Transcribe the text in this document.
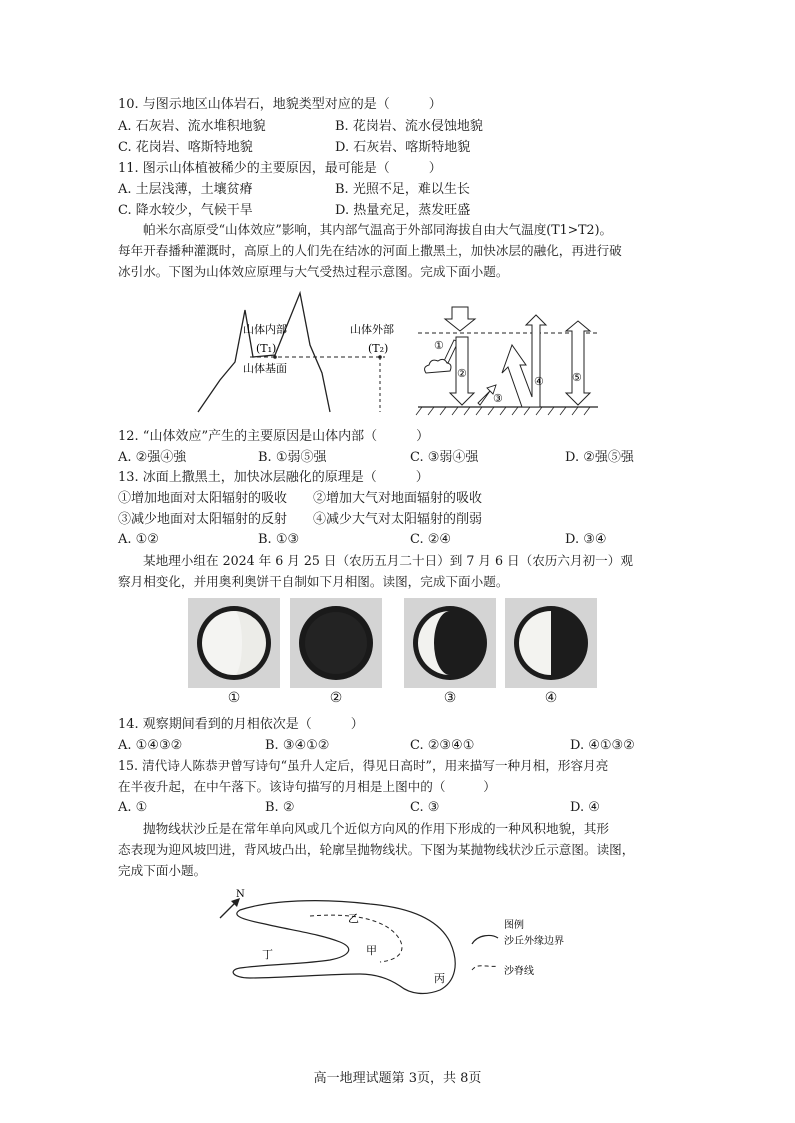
10. 与图示地区山体岩石，地貌类型对应的是（　　　）
A. 石灰岩、流水堆积地貌	B. 花岗岩、流水侵蚀地貌
C. 花岗岩、喀斯特地貌	D. 石灰岩、喀斯特地貌
11. 图示山体植被稀少的主要原因，最可能是（　　　）
A. 土层浅薄，土壤贫瘠	B. 光照不足，难以生长
C. 降水较少，气候干旱	D. 热量充足，蒸发旺盛
帕米尔高原受“山体效应”影响，其内部气温高于外部同海拔自由大气温度(T1>T2)。
每年开春播种灌溉时，高原上的人们先在结冰的河面上撒黑土，加快冰层的融化，再进行破
冰引水。下图为山体效应原理与大气受热过程示意图。完成下面小题。
山体内部
(T₁)
山体外部
(T₂)
山体基面
①
②
③
④	⑤
12. “山体效应”产生的主要原因是山体内部（　　　）
A. ②强④強	B. ①弱⑤强	C. ③弱④强	D. ②强⑤强
13. 冰面上撒黑土，加快冰层融化的原理是（　　　）
①增加地面对太阳辐射的吸收 ②增加大气对地面辐射的吸收
③减少地面对太阳辐射的反射 ④减少大气对太阳辐射的削弱
A. ①②	B. ①③	C. ②④	D. ③④
某地理小组在 2024 年 6 月 25 日（农历五月二十日）到 7 月 6 日（农历六月初一）观
察月相变化，并用奥利奥饼干自制如下月相图。读图，完成下面小题。
①	②	③	④
14. 观察期间看到的月相依次是（　　　）
A. ①④③②	B. ③④①②	C. ②③④①	D. ④①③②
15. 清代诗人陈恭尹曾写诗句“虽升人定后，得见日高时”，用来描写一种月相，形容月亮
在半夜升起，在中午落下。该诗句描写的月相是上图中的（　　　）
A. ①	B. ②	C. ③	D. ④
抛物线状沙丘是在常年单向风或几个近似方向风的作用下形成的一种风积地貌，其形
态表现为迎风坡凹进，背风坡凸出，轮廓呈抛物线状。下图为某抛物线状沙丘示意图。读图，
完成下面小题。
N
乙
丁	甲
丙
图例
沙丘外缘边界
沙脊线
高一地理试题第 3页，共 8页
